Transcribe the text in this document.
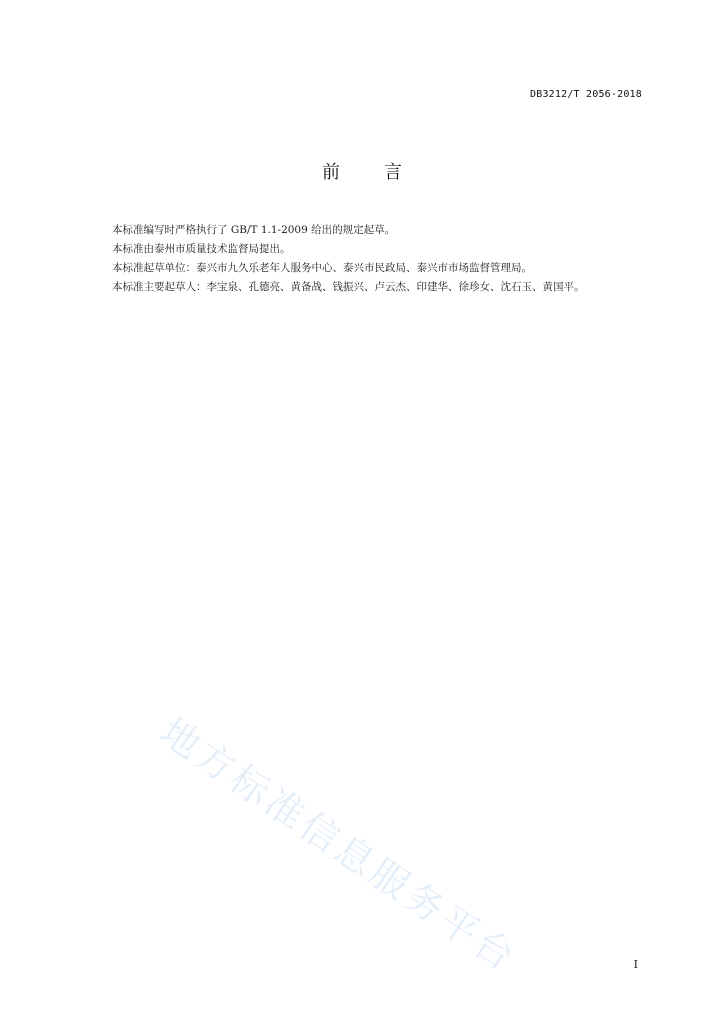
DB3212/T 2056-2018
前言

本标准编写时严格执行了 GB/T 1.1-2009 给出的规定起草。

本标准由泰州市质量技术监督局提出。

本标准起草单位：泰兴市九久乐老年人服务中心、泰兴市民政局、泰兴市市场监督管理局。

本标准主要起草人：李宝泉、孔德亮、黄备战、钱振兴、卢云杰、印建华、徐珍女、沈石玉、黄国平。

地方标准信息服务平台	I
